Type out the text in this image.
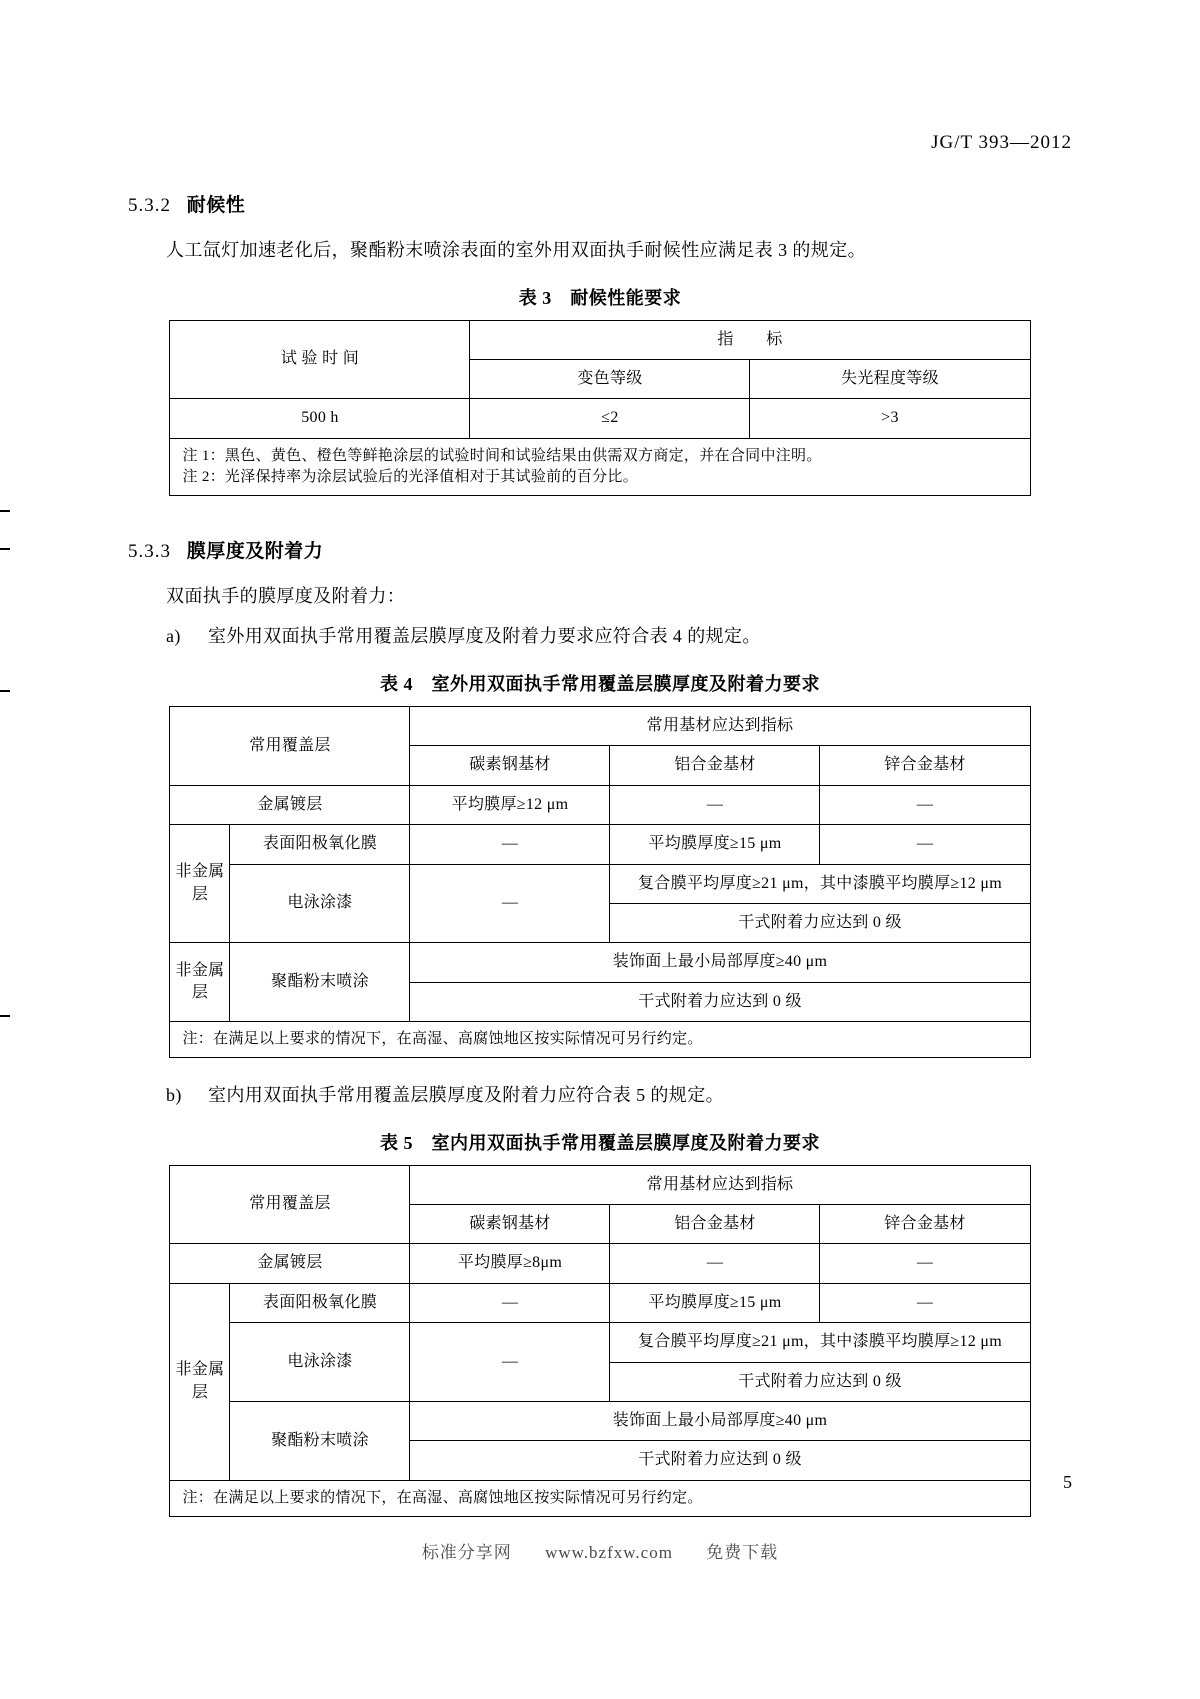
JG/T 393—2012
5.3.2 耐候性

人工氙灯加速老化后，聚酯粉末喷涂表面的室外用双面执手耐候性应满足表 3 的规定。

表 3　耐候性能要求
试 验 时 间	指　　标	
	变色等级	失光程度等级
500 h	≤2	>3

注 1：黑色、黄色、橙色等鲜艳涂层的试验时间和试验结果由供需双方商定，并在合同中注明。
注 2：光泽保持率为涂层试验后的光泽值相对于其试验前的百分比。		
5.3.3 膜厚度及附着力

双面执手的膜厚度及附着力：

a) 室外用双面执手常用覆盖层膜厚度及附着力要求应符合表 4 的规定。

表 4　室外用双面执手常用覆盖层膜厚度及附着力要求
常用覆盖层		常用基材应达到指标		
		碳素钢基材	铝合金基材	锌合金基材
金属镀层		平均膜厚≥12 μm	—	—
非金属层	表面阳极氧化膜	—	平均膜厚度≥15 μm	—
	电泳涂漆	—	复合膜平均厚度≥21 μm，其中漆膜平均膜厚≥12 μm	
			干式附着力应达到 0 级	
非金属层	聚酯粉末喷涂	装饰面上最小局部厚度≥40 μm		
		干式附着力应达到 0 级		
注：在满足以上要求的情况下，在高湿、高腐蚀地区按实际情况可另行约定。				

b) 室内用双面执手常用覆盖层膜厚度及附着力应符合表 5 的规定。

表 5　室内用双面执手常用覆盖层膜厚度及附着力要求
常用覆盖层		常用基材应达到指标		
		碳素钢基材	铝合金基材	锌合金基材
金属镀层		平均膜厚≥8μm	—	—
非金属层	表面阳极氧化膜	—	平均膜厚度≥15 μm	—
	电泳涂漆	—	复合膜平均厚度≥21 μm，其中漆膜平均膜厚≥12 μm	
			干式附着力应达到 0 级	
	聚酯粉末喷涂	装饰面上最小局部厚度≥40 μm		
		干式附着力应达到 0 级		
注：在满足以上要求的情况下，在高湿、高腐蚀地区按实际情况可另行约定。				
5
标准分享网 www.bzfxw.com 免费下载
